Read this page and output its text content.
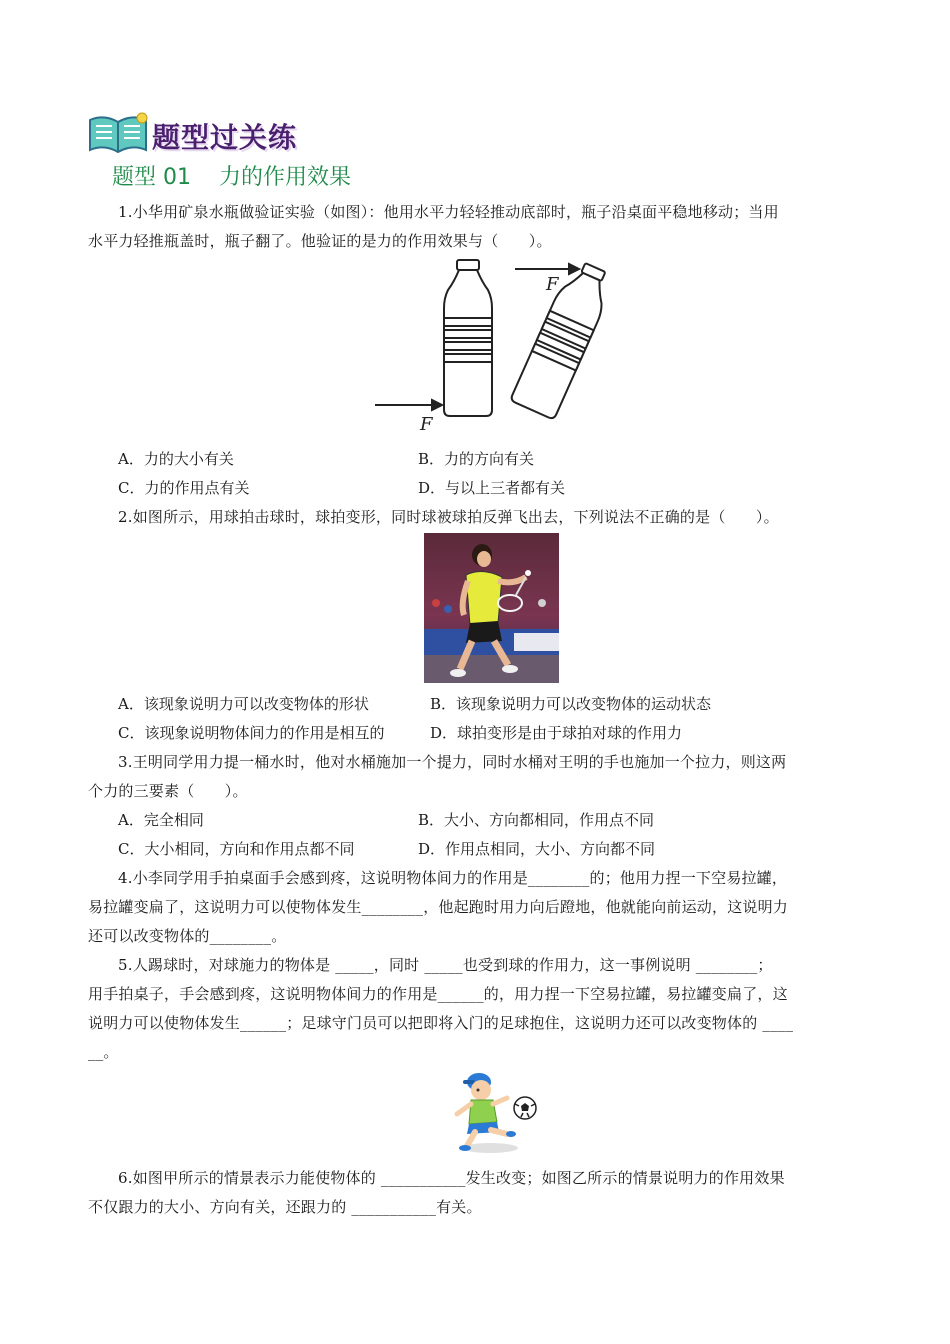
题型过关练
题型 01 力的作用效果
1.小华用矿泉水瓶做验证实验（如图）：他用水平力轻轻推动底部时，瓶子沿桌面平稳地移动；当用
水平力轻推瓶盖时，瓶子翻了。他验证的是力的作用效果与（　　）。
F
F
A．力的大小有关	B．力的方向有关
C．力的作用点有关	D．与以上三者都有关
2.如图所示，用球拍击球时，球拍变形，同时球被球拍反弹飞出去，下列说法不正确的是（　　）。
A．该现象说明力可以改变物体的形状	B．该现象说明力可以改变物体的运动状态
C．该现象说明物体间力的作用是相互的	D．球拍变形是由于球拍对球的作用力
3.王明同学用力提一桶水时，他对水桶施加一个提力，同时水桶对王明的手也施加一个拉力，则这两
个力的三要素（　　）。
A．完全相同	B．大小、方向都相同，作用点不同
C．大小相同，方向和作用点都不同	D．作用点相同，大小、方向都不同
4.小李同学用手拍桌面手会感到疼，这说明物体间力的作用是________的；他用力捏一下空易拉罐，
易拉罐变扁了，这说明力可以使物体发生________，他起跑时用力向后蹬地，他就能向前运动，这说明力
还可以改变物体的________。
5.人踢球时，对球施力的物体是 _____，同时 _____也受到球的作用力，这一事例说明 ________；
用手拍桌子，手会感到疼，这说明物体间力的作用是______的，用力捏一下空易拉罐，易拉罐变扁了，这
说明力可以使物体发生______；足球守门员可以把即将入门的足球抱住，这说明力还可以改变物体的 ____
__。
6.如图甲所示的情景表示力能使物体的 ___________发生改变；如图乙所示的情景说明力的作用效果
不仅跟力的大小、方向有关，还跟力的 ___________有关。
